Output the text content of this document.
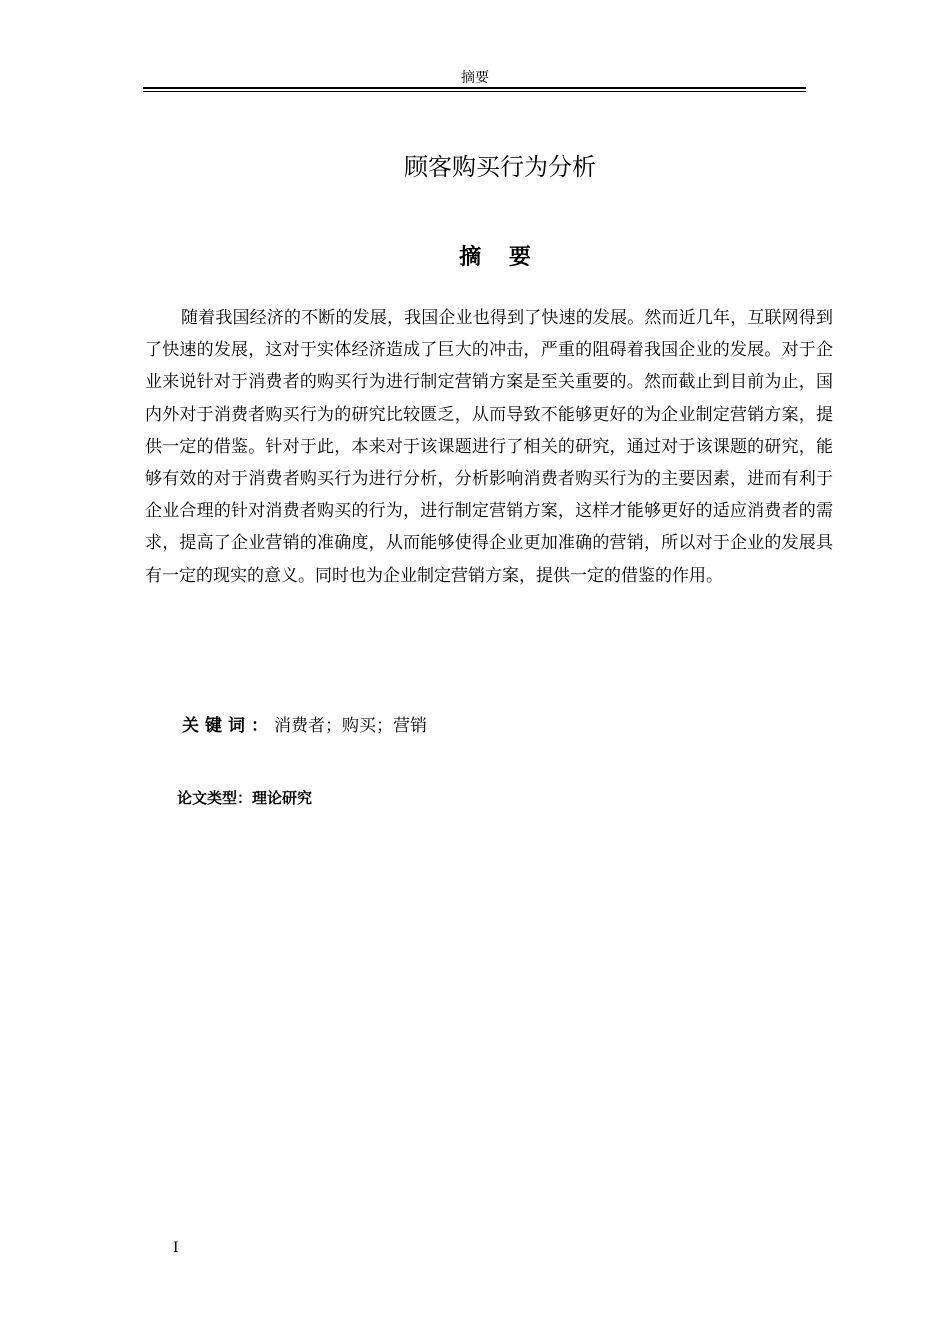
摘要
顾客购买行为分析
摘 要

随着我国经济的不断的发展，我国企业也得到了快速的发展。然而近几年，互联网得到了快速的发展，这对于实体经济造成了巨大的冲击，严重的阻碍着我国企业的发展。对于企业来说针对于消费者的购买行为进行制定营销方案是至关重要的。然而截止到目前为止，国内外对于消费者购买行为的研究比较匮乏，从而导致不能够更好的为企业制定营销方案，提供一定的借鉴。针对于此，本来对于该课题进行了相关的研究，通过对于该课题的研究，能够有效的对于消费者购买行为进行分析，分析影响消费者购买行为的主要因素，进而有利于企业合理的针对消费者购买的行为，进行制定营销方案，这样才能够更好的适应消费者的需求，提高了企业营销的准确度，从而能够使得企业更加准确的营销，所以对于企业的发展具有一定的现实的意义。同时也为企业制定营销方案，提供一定的借鉴的作用。

关键词：消费者；购买；营销
论文类型：理论研究
I
